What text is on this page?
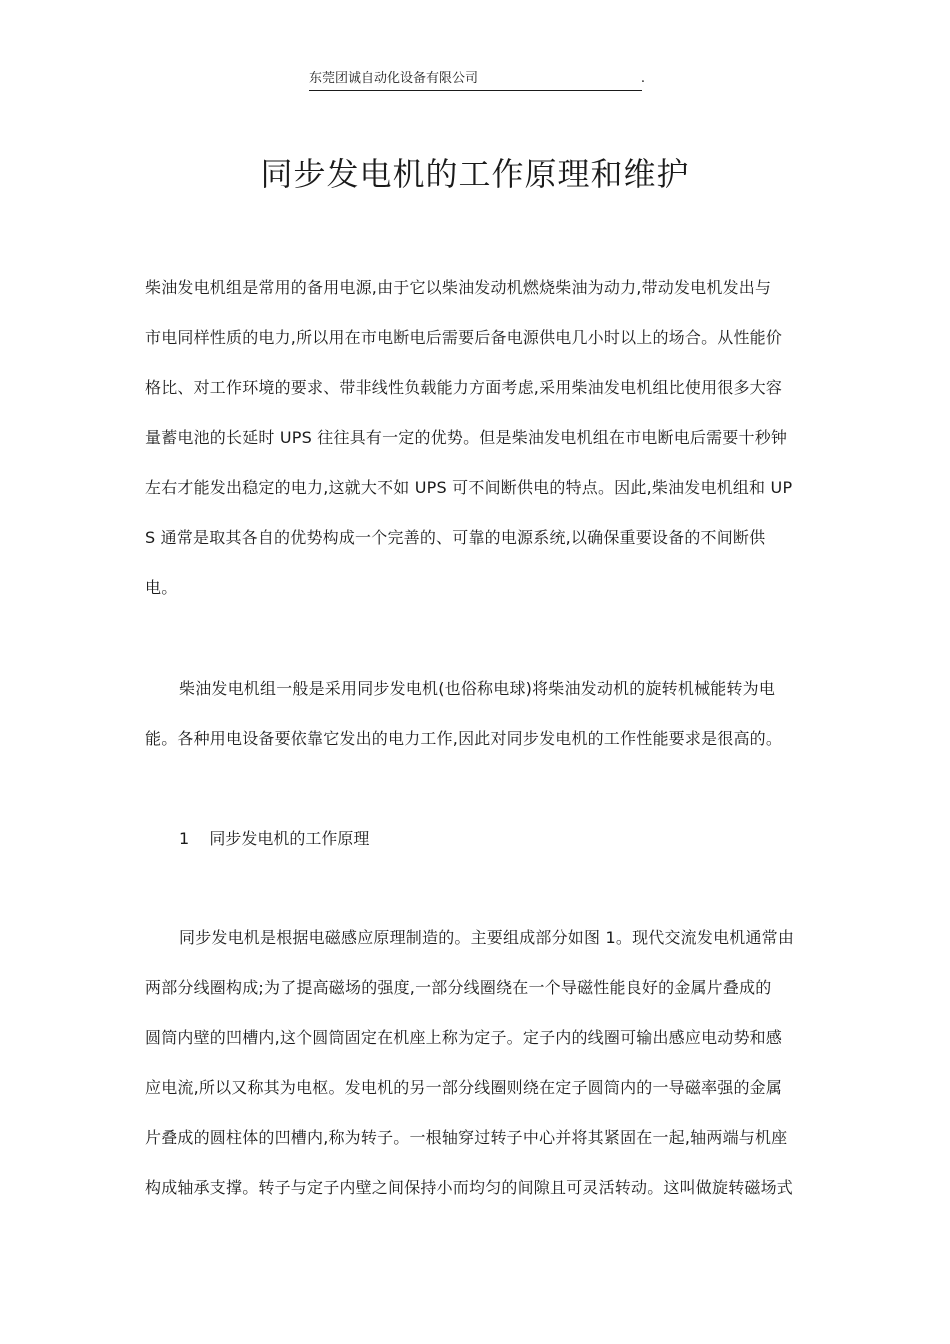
东莞团诚自动化设备有限公司	.
同步发电机的工作原理和维护
柴油发电机组是常用的备用电源,由于它以柴油发动机燃烧柴油为动力,带动发电机发出与
市电同样性质的电力,所以用在市电断电后需要后备电源供电几小时以上的场合。从性能价
格比、对工作环境的要求、带非线性负载能力方面考虑,采用柴油发电机组比使用很多大容
量蓄电池的长延时 UPS 往往具有一定的优势。但是柴油发电机组在市电断电后需要十秒钟
左右才能发出稳定的电力,这就大不如 UPS 可不间断供电的特点。因此,柴油发电机组和 UP
S 通常是取其各自的优势构成一个完善的、可靠的电源系统,以确保重要设备的不间断供
电。
柴油发电机组一般是采用同步发电机(也俗称电球)将柴油发动机的旋转机械能转为电
能。各种用电设备要依靠它发出的电力工作,因此对同步发电机的工作性能要求是很高的。
1 同步发电机的工作原理
同步发电机是根据电磁感应原理制造的。主要组成部分如图 1。现代交流发电机通常由
两部分线圈构成;为了提高磁场的强度,一部分线圈绕在一个导磁性能良好的金属片叠成的
圆筒内壁的凹槽内,这个圆筒固定在机座上称为定子。定子内的线圈可输出感应电动势和感
应电流,所以又称其为电枢。发电机的另一部分线圈则绕在定子圆筒内的一导磁率强的金属
片叠成的圆柱体的凹槽内,称为转子。一根轴穿过转子中心并将其紧固在一起,轴两端与机座
构成轴承支撑。转子与定子内壁之间保持小而均匀的间隙且可灵活转动。这叫做旋转磁场式
